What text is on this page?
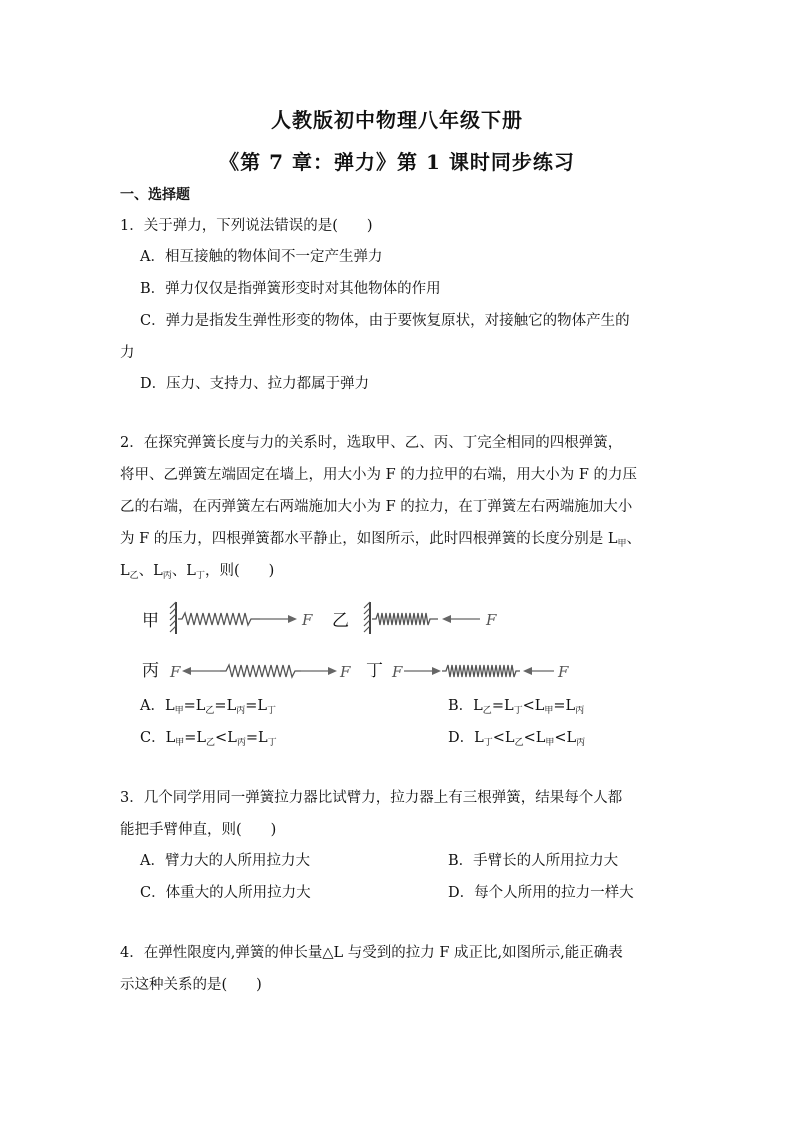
人教版初中物理八年级下册
《第 7 章：弹力》第 1 课时同步练习
一、选择题
1．关于弹力，下列说法错误的是(　　)
A．相互接触的物体间不一定产生弹力
B．弹力仅仅是指弹簧形变时对其他物体的作用
C．弹力是指发生弹性形变的物体，由于要恢复原状，对接触它的物体产生的
力
D．压力、支持力、拉力都属于弹力
2．在探究弹簧长度与力的关系时，选取甲、乙、丙、丁完全相同的四根弹簧，
将甲、乙弹簧左端固定在墙上，用大小为 F 的力拉甲的右端，用大小为 F 的力压
乙的右端，在丙弹簧左右两端施加大小为 F 的拉力，在丁弹簧左右两端施加大小
为 F 的压力，四根弹簧都水平静止，如图所示，此时四根弹簧的长度分别是 $L_甲$、
$L_乙$、$L_丙$、$L_丁$，则(　　)
甲	乙
丙	丁
F	F
F	F	F	F
A．$L_甲=L_乙=L_丙=L_丁$	B．$L_乙=L_丁<L_甲=L_丙$
C．$L_甲=L_乙<L_丙=L_丁$	D．$L_丁<L_乙<L_甲<L_丙$
3．几个同学用同一弹簧拉力器比试臂力，拉力器上有三根弹簧，结果每个人都
能把手臂伸直，则(　　)
A．臂力大的人所用拉力大	B．手臂长的人所用拉力大
C．体重大的人所用拉力大	D．每个人所用的拉力一样大
4．在弹性限度内,弹簧的伸长量△L 与受到的拉力 F 成正比,如图所示,能正确表
示这种关系的是(　　)
